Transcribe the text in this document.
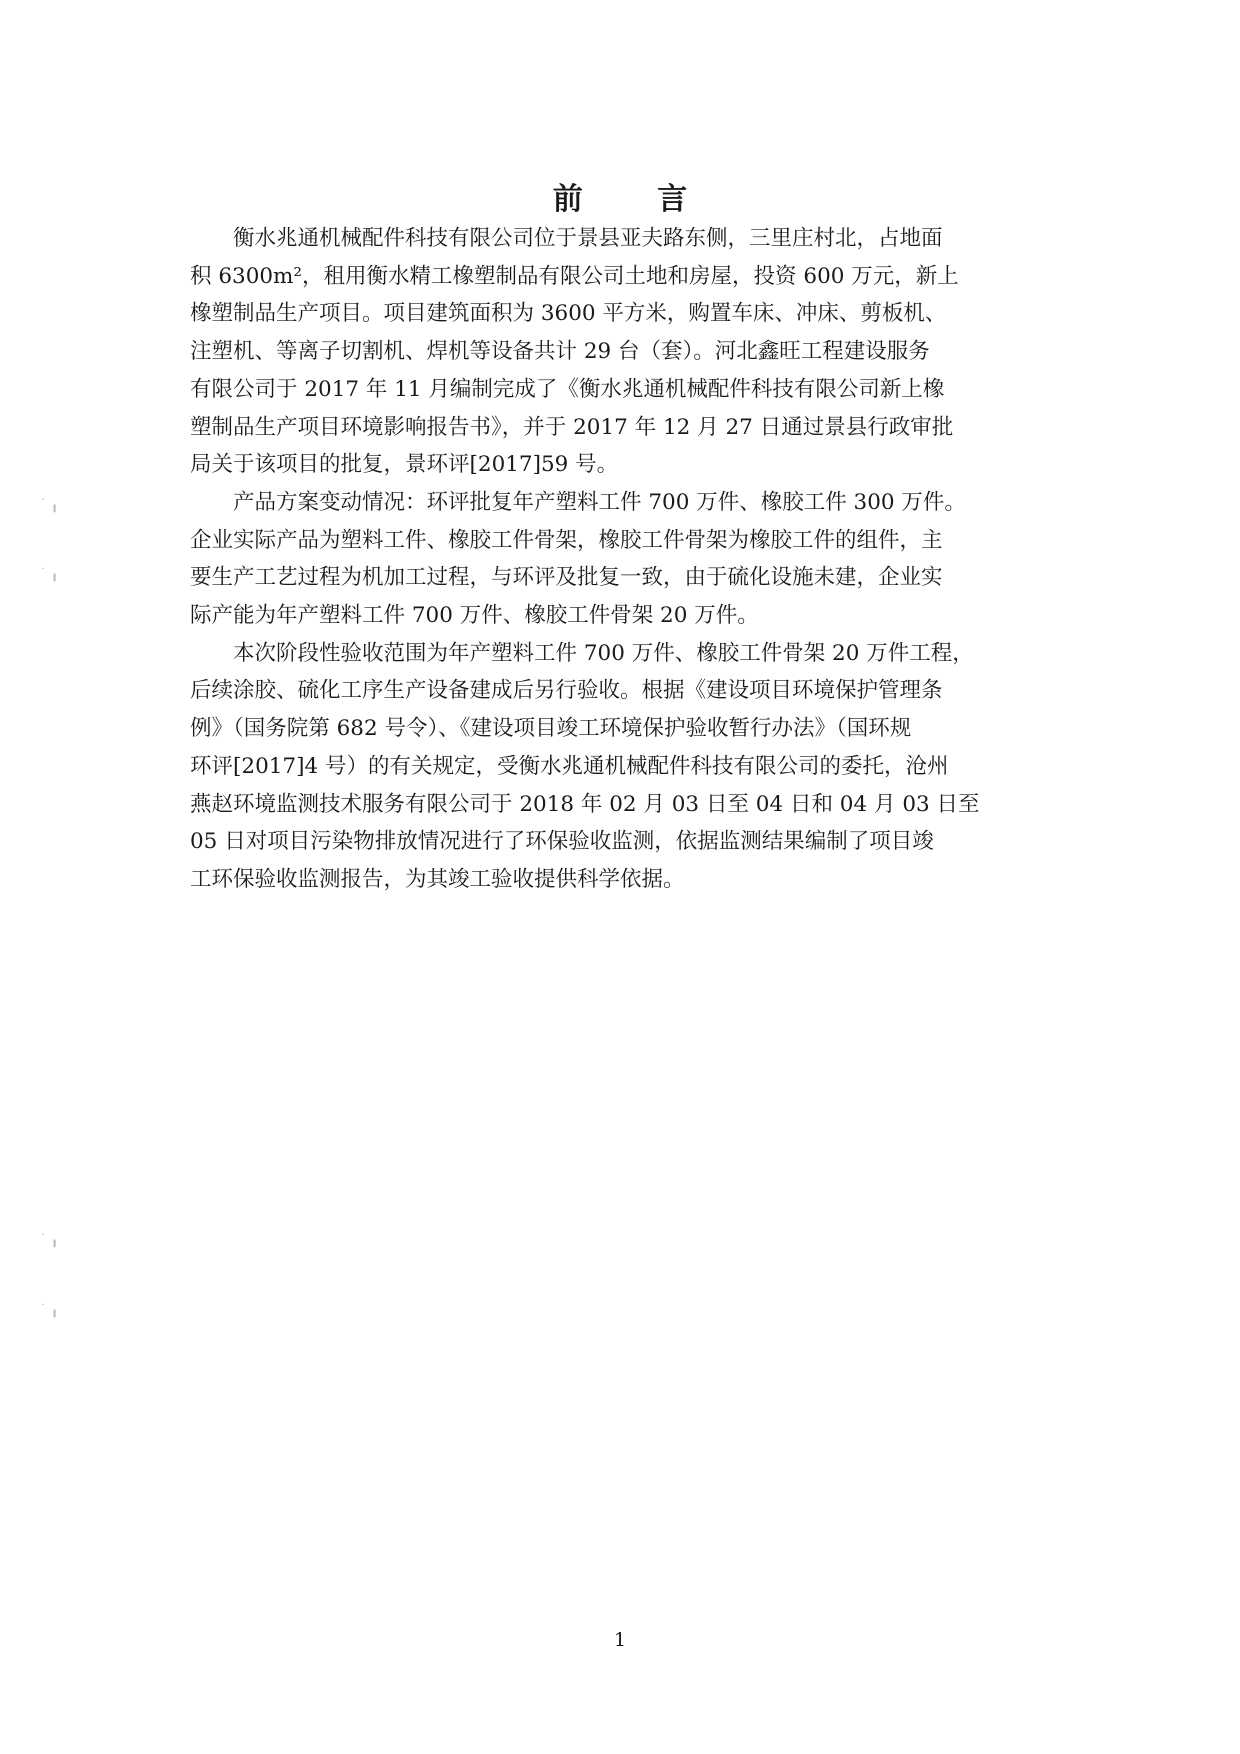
˙ ╻
˙ ╻
˙ ╻
˙ ╻
前 言

衡水兆通机械配件科技有限公司位于景县亚夫路东侧，三里庄村北，占地面
积 6300m²，租用衡水精工橡塑制品有限公司土地和房屋，投资 600 万元，新上
橡塑制品生产项目。项目建筑面积为 3600 平方米，购置车床、冲床、剪板机、
注塑机、等离子切割机、焊机等设备共计 29 台（套）。河北鑫旺工程建设服务
有限公司于 2017 年 11 月编制完成了《衡水兆通机械配件科技有限公司新上橡
塑制品生产项目环境影响报告书》，并于 2017 年 12 月 27 日通过景县行政审批
局关于该项目的批复，景环评[2017]59 号。

产品方案变动情况：环评批复年产塑料工件 700 万件、橡胶工件 300 万件。
企业实际产品为塑料工件、橡胶工件骨架，橡胶工件骨架为橡胶工件的组件，主
要生产工艺过程为机加工过程，与环评及批复一致，由于硫化设施未建，企业实
际产能为年产塑料工件 700 万件、橡胶工件骨架 20 万件。

本次阶段性验收范围为年产塑料工件 700 万件、橡胶工件骨架 20 万件工程，
后续涂胶、硫化工序生产设备建成后另行验收。根据《建设项目环境保护管理条
例》（国务院第 682 号令）、《建设项目竣工环境保护验收暂行办法》（国环规
环评[2017]4 号）的有关规定，受衡水兆通机械配件科技有限公司的委托，沧州
燕赵环境监测技术服务有限公司于 2018 年 02 月 03 日至 04 日和 04 月 03 日至
05 日对项目污染物排放情况进行了环保验收监测，依据监测结果编制了项目竣
工环保验收监测报告，为其竣工验收提供科学依据。

1
